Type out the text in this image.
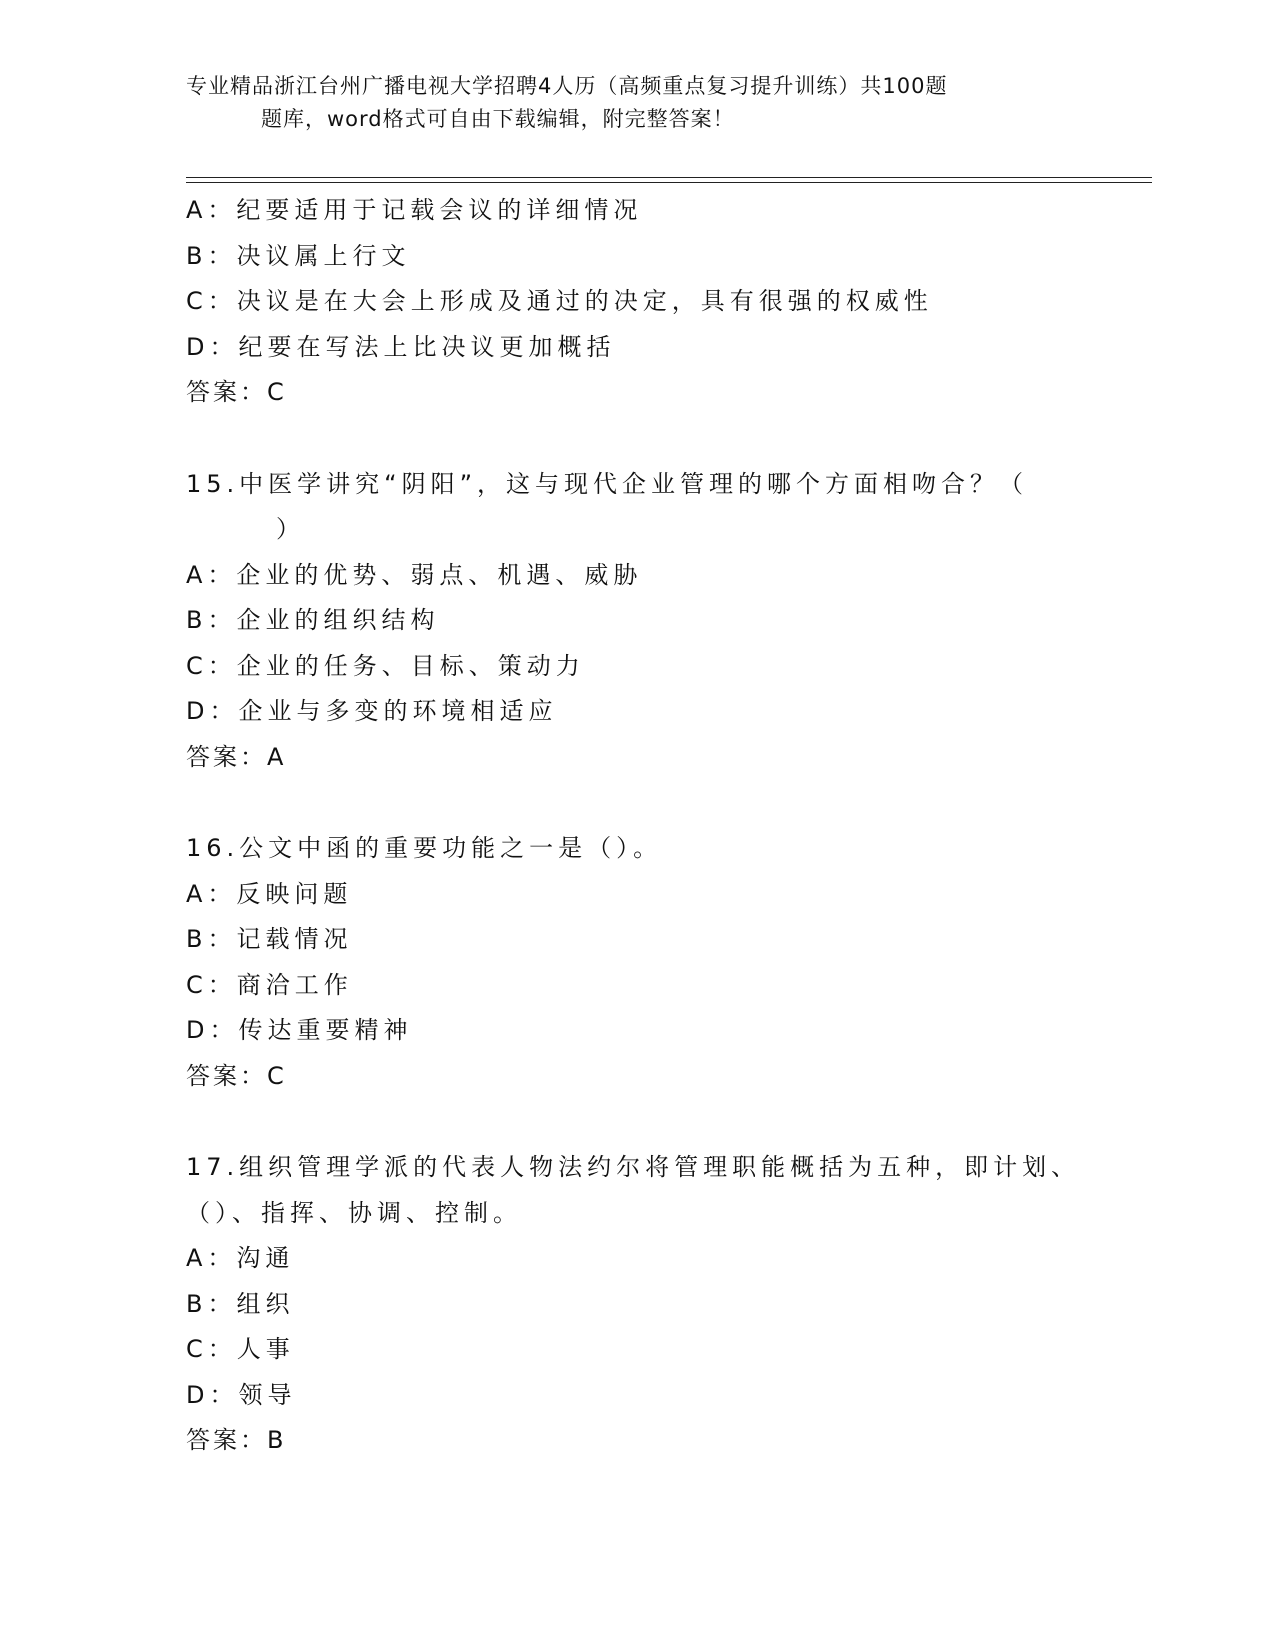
专业精品浙江台州广播电视大学招聘4人历（高频重点复习提升训练）共100题
题库，word格式可自由下载编辑，附完整答案！
A：纪要适用于记载会议的详细情况
B：决议属上行文
C：决议是在大会上形成及通过的决定，具有很强的权威性
D：纪要在写法上比决议更加概括
答案：C
15.中医学讲究“阴阳”，这与现代企业管理的哪个方面相吻合？（
）
A：企业的优势、弱点、机遇、威胁
B：企业的组织结构
C：企业的任务、目标、策动力
D：企业与多变的环境相适应
答案：A
16.公文中函的重要功能之一是（）。
A：反映问题
B：记载情况
C：商洽工作
D：传达重要精神
答案：C
17.组织管理学派的代表人物法约尔将管理职能概括为五种，即计划、
（）、指挥、协调、控制。
A：沟通
B：组织
C：人事
D：领导
答案：B
